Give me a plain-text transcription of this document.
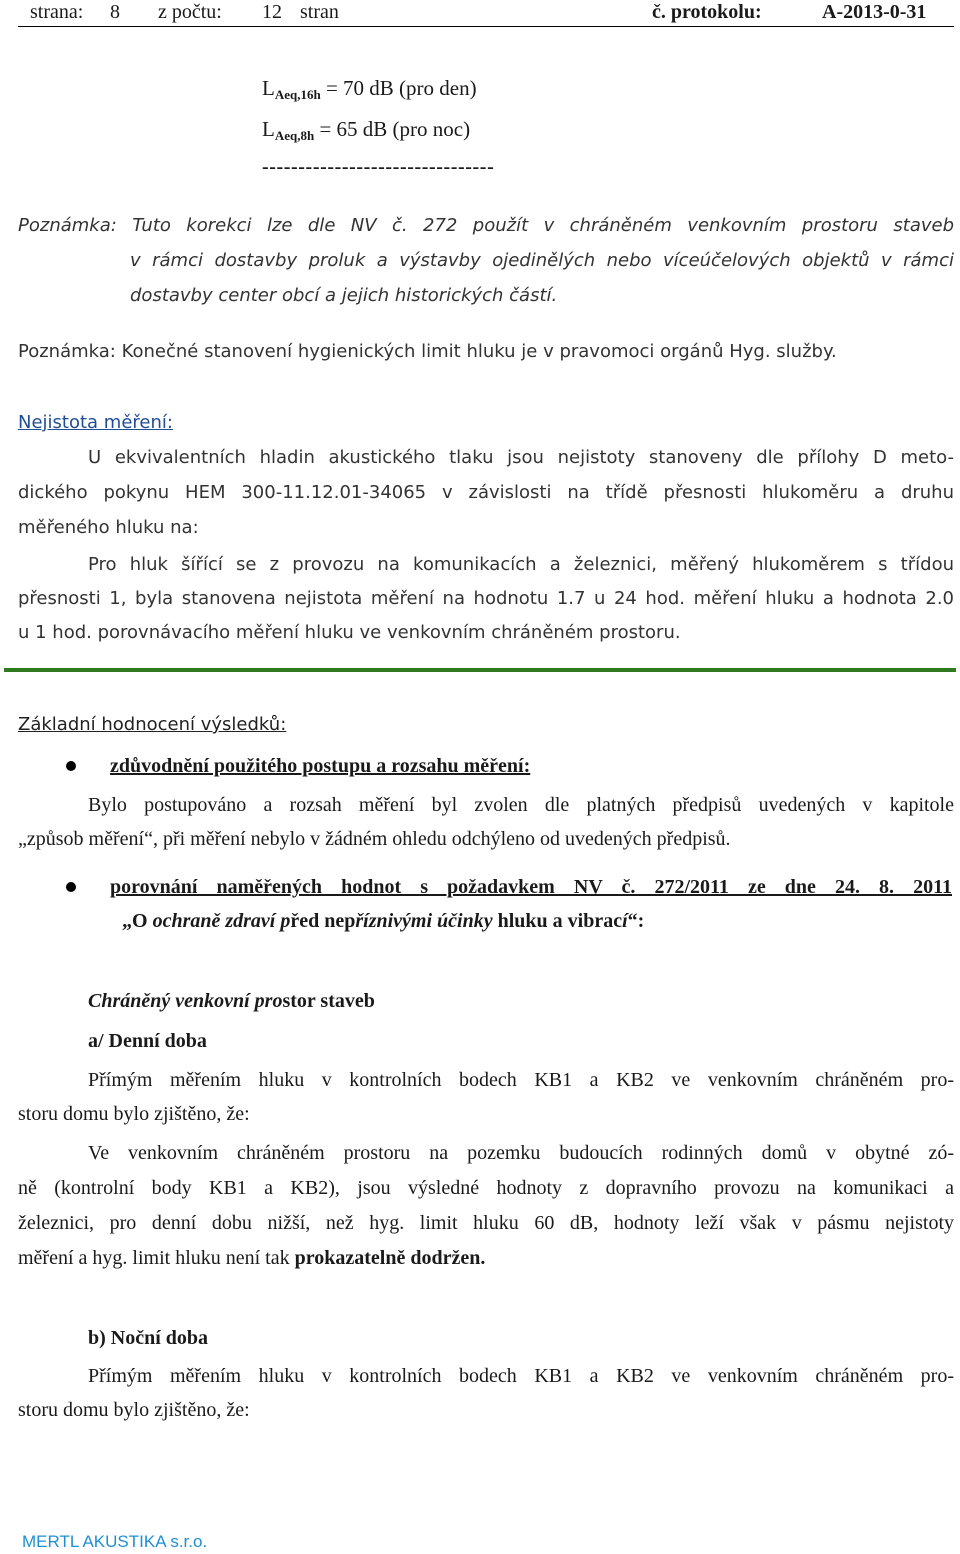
strana: 8 z počtu: 12 stran	č. protokolu:	A-2013-0-31
$L_{Aeq,16h} = 70$ dB (pro den)
$L_{Aeq,8h} = 65$ dB (pro noc)
--------------------------------
Poznámka: Tuto korekci lze dle NV č. 272 použít v chráněném venkovním prostoru staveb
v rámci dostavby proluk a výstavby ojedinělých nebo víceúčelových objektů v rámci
dostavby center obcí a jejich historických částí.
Poznámka: Konečné stanovení hygienických limit hluku je v pravomoci orgánů Hyg. služby.
Nejistota měření:
U ekvivalentních hladin akustického tlaku jsou nejistoty stanoveny dle přílohy D meto-
dického pokynu HEM 300-11.12.01-34065 v závislosti na třídě přesnosti hlukoměru a druhu
měřeného hluku na:
Pro hluk šířící se z provozu na komunikacích a železnici, měřený hlukoměrem s třídou
přesnosti 1, byla stanovena nejistota měření na hodnotu 1.7 u 24 hod. měření hluku a hodnota 2.0
u 1 hod. porovnávacího měření hluku ve venkovním chráněném prostoru.
Základní hodnocení výsledků:
zdůvodnění použitého postupu a rozsahu měření:
Bylo postupováno a rozsah měření byl zvolen dle platných předpisů uvedených v kapitole
„způsob měření“, při měření nebylo v žádném ohledu odchýleno od uvedených předpisů.
porovnání naměřených hodnot s požadavkem NV č. 272/2011 ze dne 24. 8. 2011
„O ochraně zdraví před nepříznivými účinky hluku a vibrací“:
Chráněný venkovní prostor staveb
a/ Denní doba
Přímým měřením hluku v kontrolních bodech KB1 a KB2 ve venkovním chráněném pro-
storu domu bylo zjištěno, že:
Ve venkovním chráněném prostoru na pozemku budoucích rodinných domů v obytné zó-
ně (kontrolní body KB1 a KB2), jsou výsledné hodnoty z dopravního provozu na komunikaci a
železnici, pro denní dobu nižší, než hyg. limit hluku 60 dB, hodnoty leží však v pásmu nejistoty
měření a hyg. limit hluku není tak prokazatelně dodržen.
b) Noční doba
Přímým měřením hluku v kontrolních bodech KB1 a KB2 ve venkovním chráněném pro-
storu domu bylo zjištěno, že:
MERTL AKUSTIKA s.r.o.
